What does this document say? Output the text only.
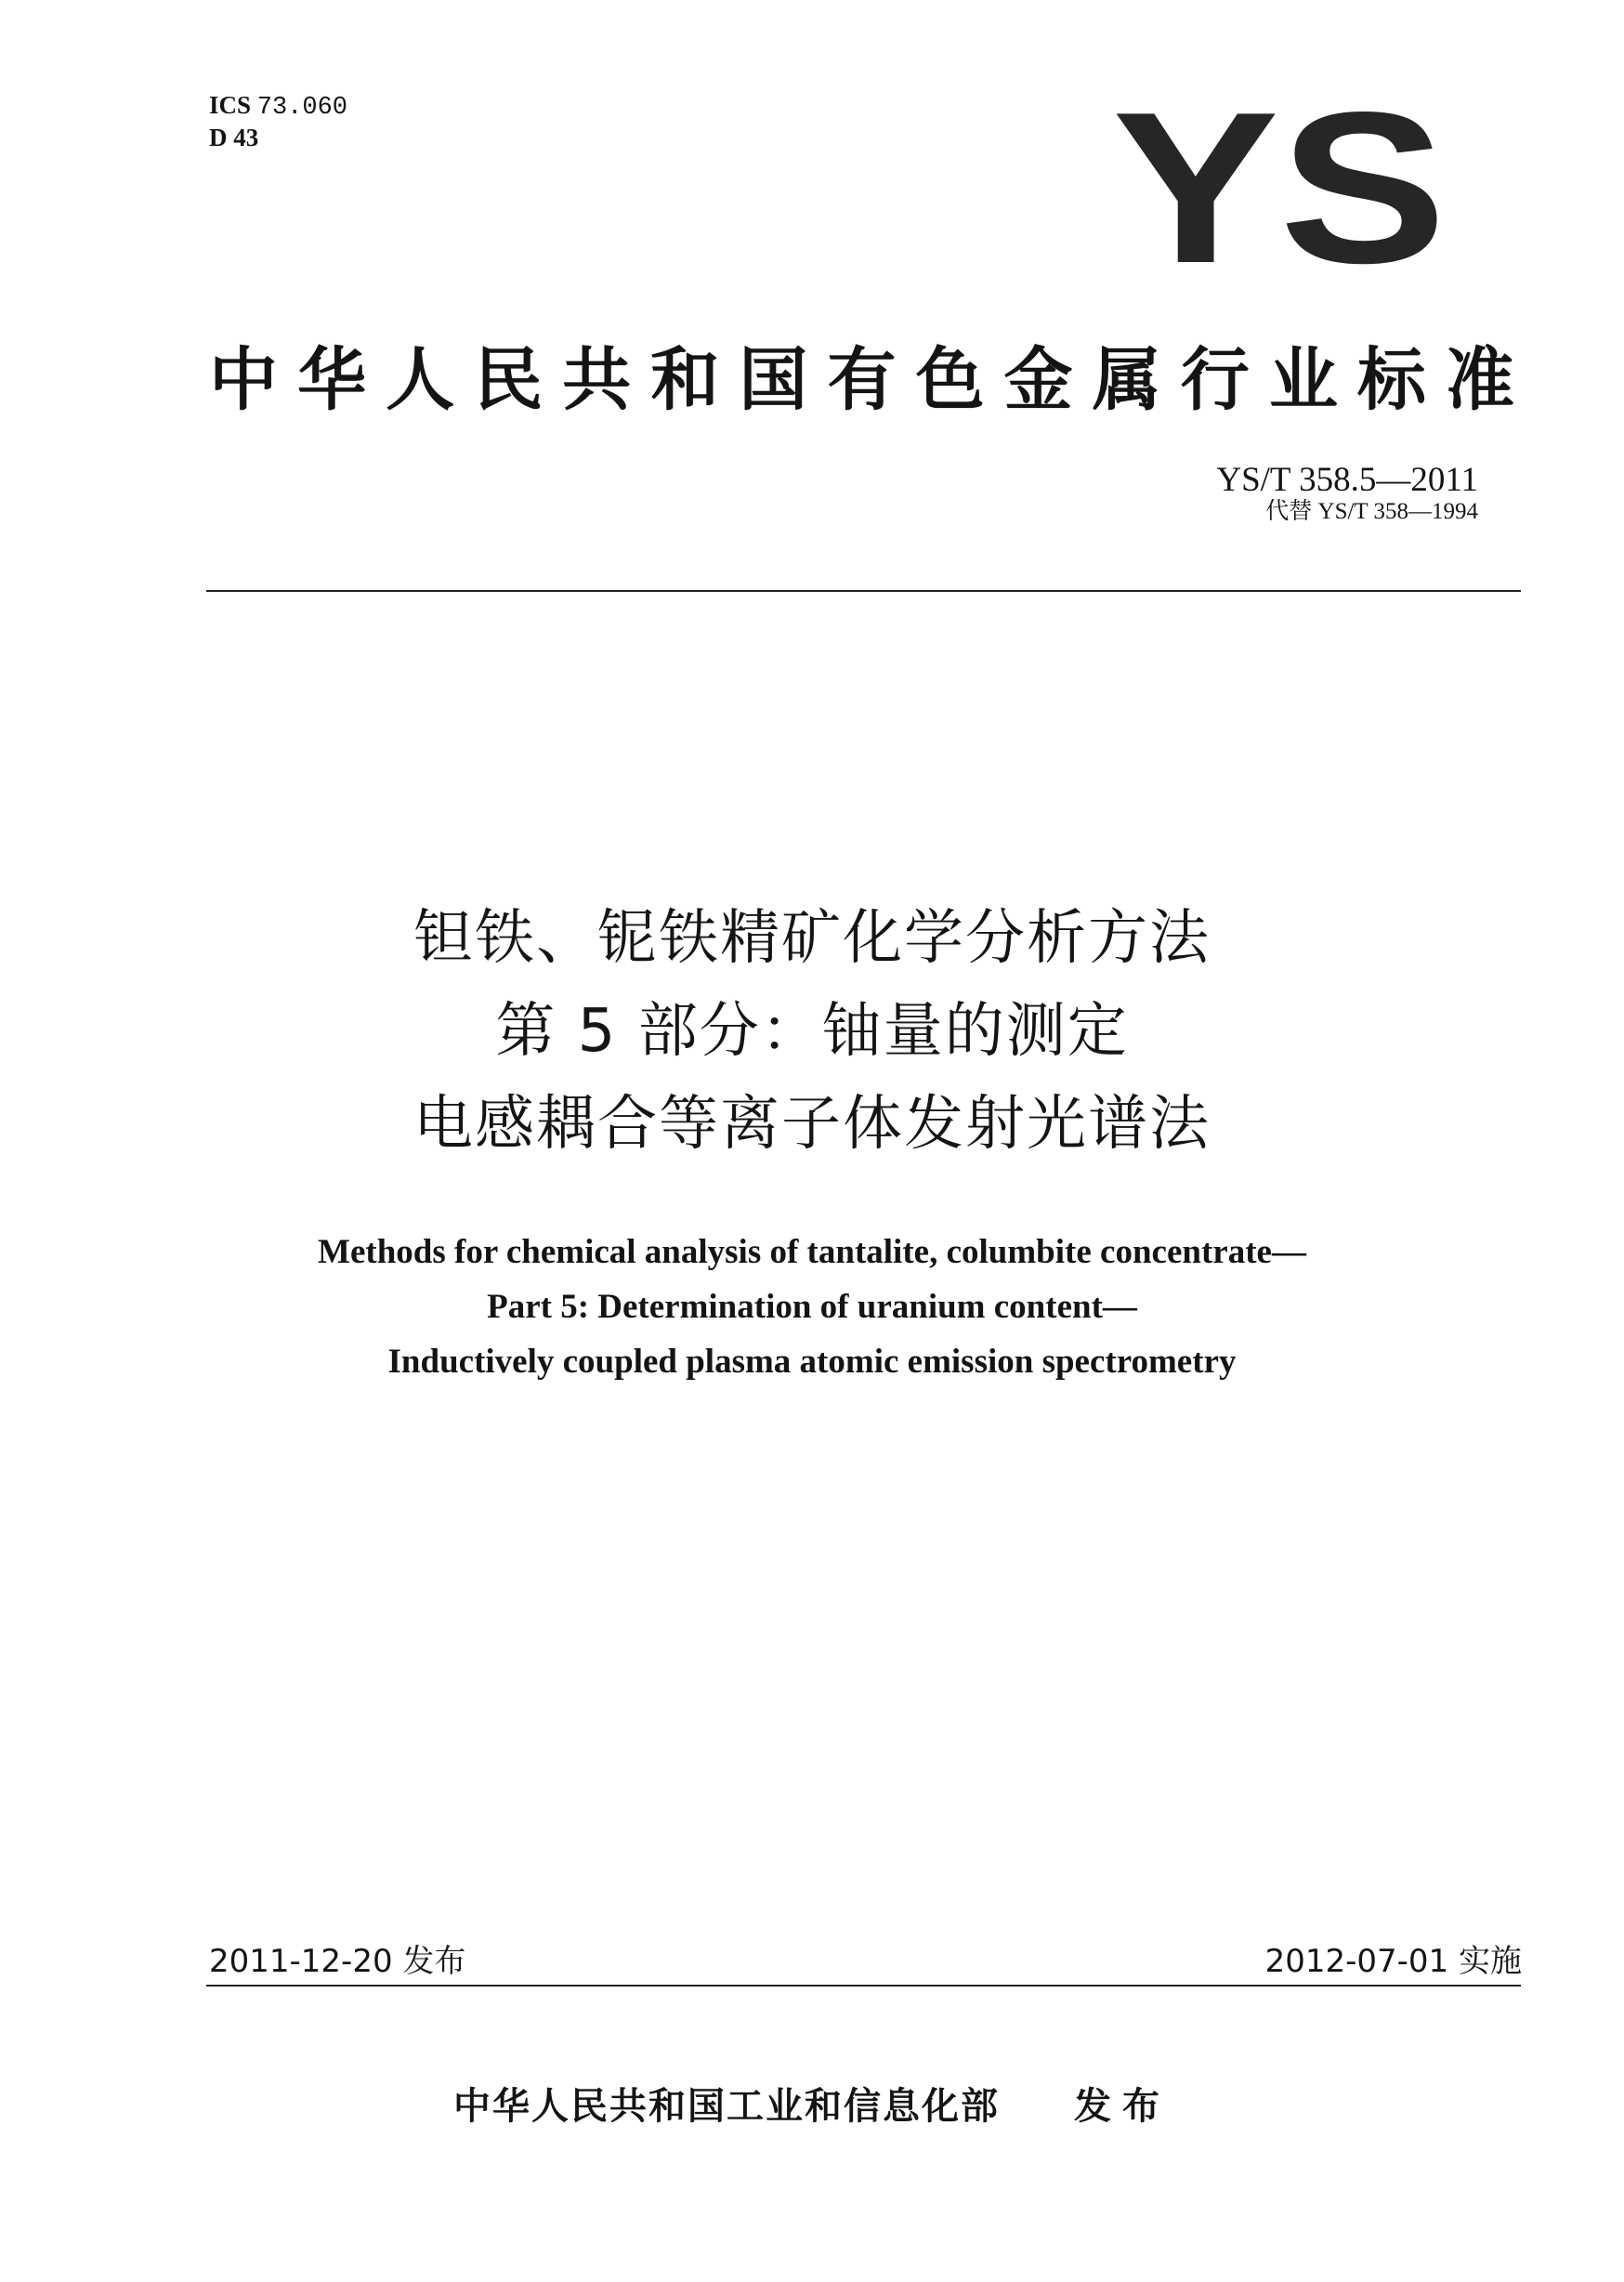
ICS 73.060
D 43	YS
中华人民共和国有色金属行业标准
YS/T 358.5—2011
代替 YS/T 358—1994
钽铁、铌铁精矿化学分析方法
第 5 部分：铀量的测定
电感耦合等离子体发射光谱法
Methods for chemical analysis of tantalite, columbite concentrate—
Part 5: Determination of uranium content—
Inductively coupled plasma atomic emission spectrometry
2011-12-20 发布	2012-07-01 实施
中华人民共和国工业和信息化部 发布
